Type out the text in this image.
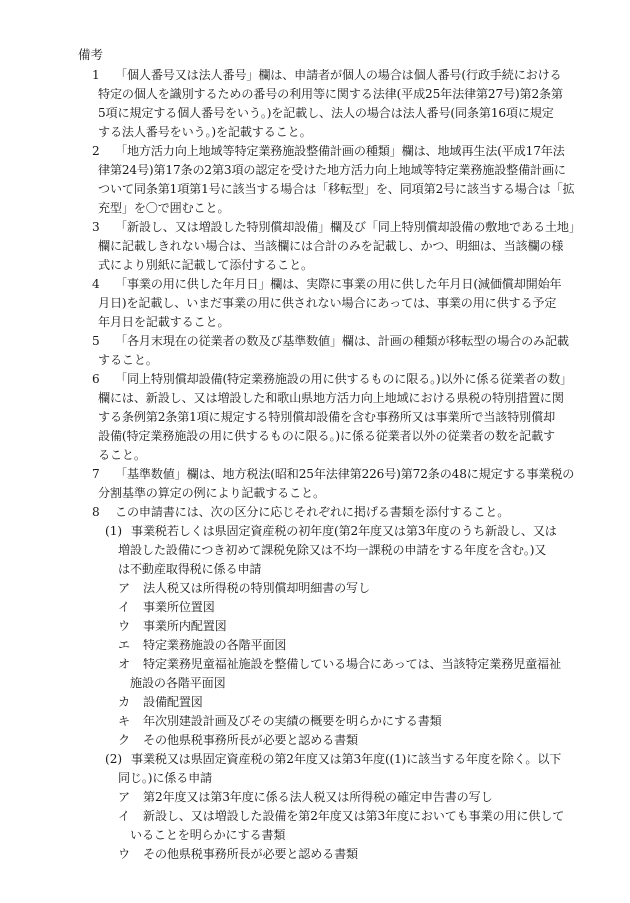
備考
1 「個人番号又は法人番号」欄は、申請者が個人の場合は個人番号(行政手続における
特定の個人を識別するための番号の利用等に関する法律(平成25年法律第27号)第2条第
5項に規定する個人番号をいう。)を記載し、法人の場合は法人番号(同条第16項に規定
する法人番号をいう。)を記載すること。
2 「地方活力向上地域等特定業務施設整備計画の種類」欄は、地域再生法(平成17年法
律第24号)第17条の2第3項の認定を受けた地方活力向上地域等特定業務施設整備計画に
ついて同条第1項第1号に該当する場合は「移転型」を、同項第2号に該当する場合は「拡
充型」を〇で囲むこと。
3 「新設し、又は増設した特別償却設備」欄及び「同上特別償却設備の敷地である土地」
欄に記載しきれない場合は、当該欄には合計のみを記載し、かつ、明細は、当該欄の様
式により別紙に記載して添付すること。
4 「事業の用に供した年月日」欄は、実際に事業の用に供した年月日(減価償却開始年
月日)を記載し、いまだ事業の用に供されない場合にあっては、事業の用に供する予定
年月日を記載すること。
5 「各月末現在の従業者の数及び基準数値」欄は、計画の種類が移転型の場合のみ記載
すること。
6 「同上特別償却設備(特定業務施設の用に供するものに限る。)以外に係る従業者の数」
欄には、新設し、又は増設した和歌山県地方活力向上地域における県税の特別措置に関
する条例第2条第1項に規定する特別償却設備を含む事務所又は事業所で当該特別償却
設備(特定業務施設の用に供するものに限る。)に係る従業者以外の従業者の数を記載す
ること。
7 「基準数値」欄は、地方税法(昭和25年法律第226号)第72条の48に規定する事業税の
分割基準の算定の例により記載すること。
8 この申請書には、次の区分に応じそれぞれに掲げる書類を添付すること。
(1) 事業税若しくは県固定資産税の初年度(第2年度又は第3年度のうち新設し、又は
増設した設備につき初めて課税免除又は不均一課税の申請をする年度を含む。)又
は不動産取得税に係る申請
ア 法人税又は所得税の特別償却明細書の写し
イ 事業所位置図
ウ 事業所内配置図
エ 特定業務施設の各階平面図
オ 特定業務児童福祉施設を整備している場合にあっては、当該特定業務児童福祉
施設の各階平面図
カ 設備配置図
キ 年次別建設計画及びその実績の概要を明らかにする書類
ク その他県税事務所長が必要と認める書類
(2) 事業税又は県固定資産税の第2年度又は第3年度((1)に該当する年度を除く。以下
同じ。)に係る申請
ア 第2年度又は第3年度に係る法人税又は所得税の確定申告書の写し
イ 新設し、又は増設した設備を第2年度又は第3年度においても事業の用に供して
いることを明らかにする書類
ウ その他県税事務所長が必要と認める書類
